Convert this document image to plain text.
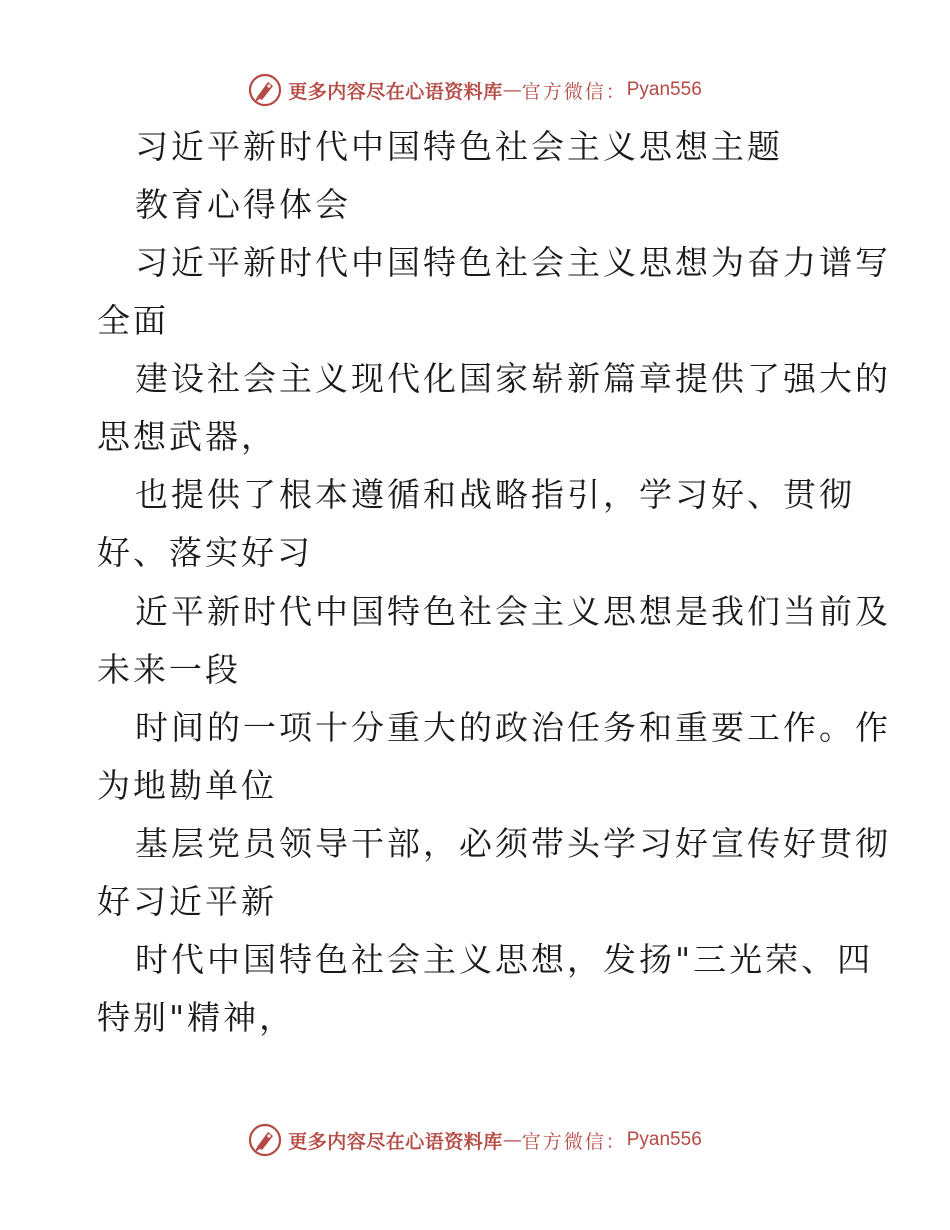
更多内容尽在心语资料库 — 官方微信： Pyan556
习近平新时代中国特色社会主义思想主题
教育心得体会
习近平新时代中国特色社会主义思想为奋力谱写
全面
建设社会主义现代化国家崭新篇章提供了强大的
思想武器，
也提供了根本遵循和战略指引，学习好、贯彻
好、落实好习
近平新时代中国特色社会主义思想是我们当前及
未来一段
时间的一项十分重大的政治任务和重要工作。作
为地勘单位
基层党员领导干部，必须带头学习好宣传好贯彻
好习近平新
时代中国特色社会主义思想，发扬"三光荣、四
特别"精神，
更多内容尽在心语资料库 — 官方微信： Pyan556
